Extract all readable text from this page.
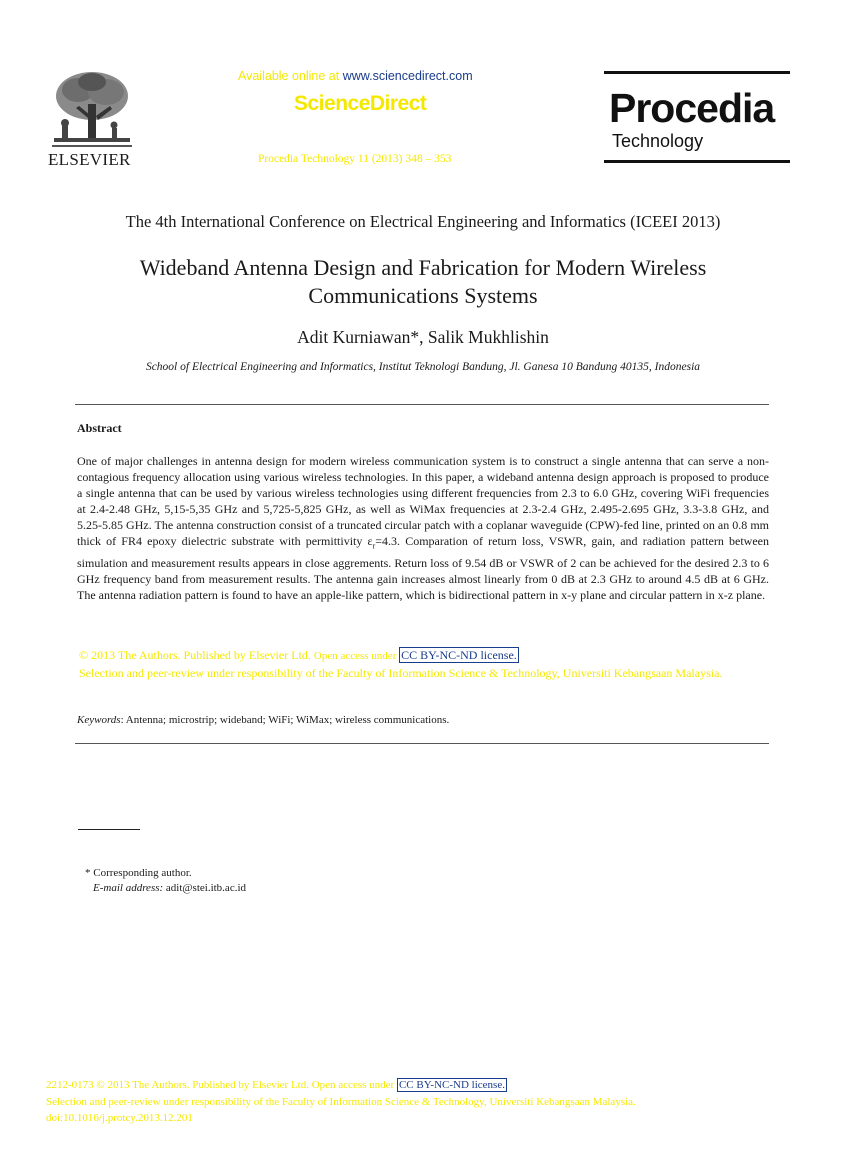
ELSEVIER
Available online at www.sciencedirect.com
ScienceDirect
Procedia Technology 11 (2013) 348 – 353
Procedia
Technology
The 4th International Conference on Electrical Engineering and Informatics (ICEEI 2013)
Wideband Antenna Design and Fabrication for Modern Wireless
Communications Systems
Adit Kurniawan*, Salik Mukhlishin
School of Electrical Engineering and Informatics, Institut Teknologi Bandung, Jl. Ganesa 10 Bandung 40135, Indonesia
Abstract
One of major challenges in antenna design for modern wireless communication system is to construct a single antenna that can serve a non-contagious frequency allocation using various wireless technologies. In this paper, a wideband antenna design approach is proposed to produce a single antenna that can be used by various wireless technologies using different frequencies from 2.3 to 6.0 GHz, covering WiFi frequencies at 2.4-2.48 GHz, 5,15-5,35 GHz and 5,725-5,825 GHz, as well as WiMax frequencies at 2.3-2.4 GHz, 2.495-2.695 GHz, 3.3-3.8 GHz, and 5.25-5.85 GHz. The antenna construction consist of a truncated circular patch with a coplanar waveguide (CPW)-fed line, printed on an 0.8 mm thick of FR4 epoxy dielectric substrate with permittivity $\varepsilon_r=4.3$. Comparation of return loss, VSWR, gain, and radiation pattern between simulation and measurement results appears in close aggrements. Return loss of 9.54 dB or VSWR of 2 can be achieved for the desired 2.3 to 6 GHz frequency band from measurement results. The antenna gain increases almost linearly from 0 dB at 2.3 GHz to around 4.5 dB at 6 GHz. The antenna radiation pattern is found to have an apple-like pattern, which is bidirectional pattern in x-y plane and circular pattern in x-z plane.
© 2013 The Authors. Published by Elsevier Ltd. Open access under CC BY-NC-ND license.
Selection and peer-review under responsibility of the Faculty of Information Science & Technology, Universiti Kebangsaan Malaysia.
Keywords: Antenna; microstrip; wideband; WiFi; WiMax; wireless communications.
* Corresponding author.
E-mail address: adit@stei.itb.ac.id
2212-0173 © 2013 The Authors. Published by Elsevier Ltd. Open access under CC BY-NC-ND license.
Selection and peer-review under responsibility of the Faculty of Information Science & Technology, Universiti Kebangsaan Malaysia.
doi:10.1016/j.protcy.2013.12.201
